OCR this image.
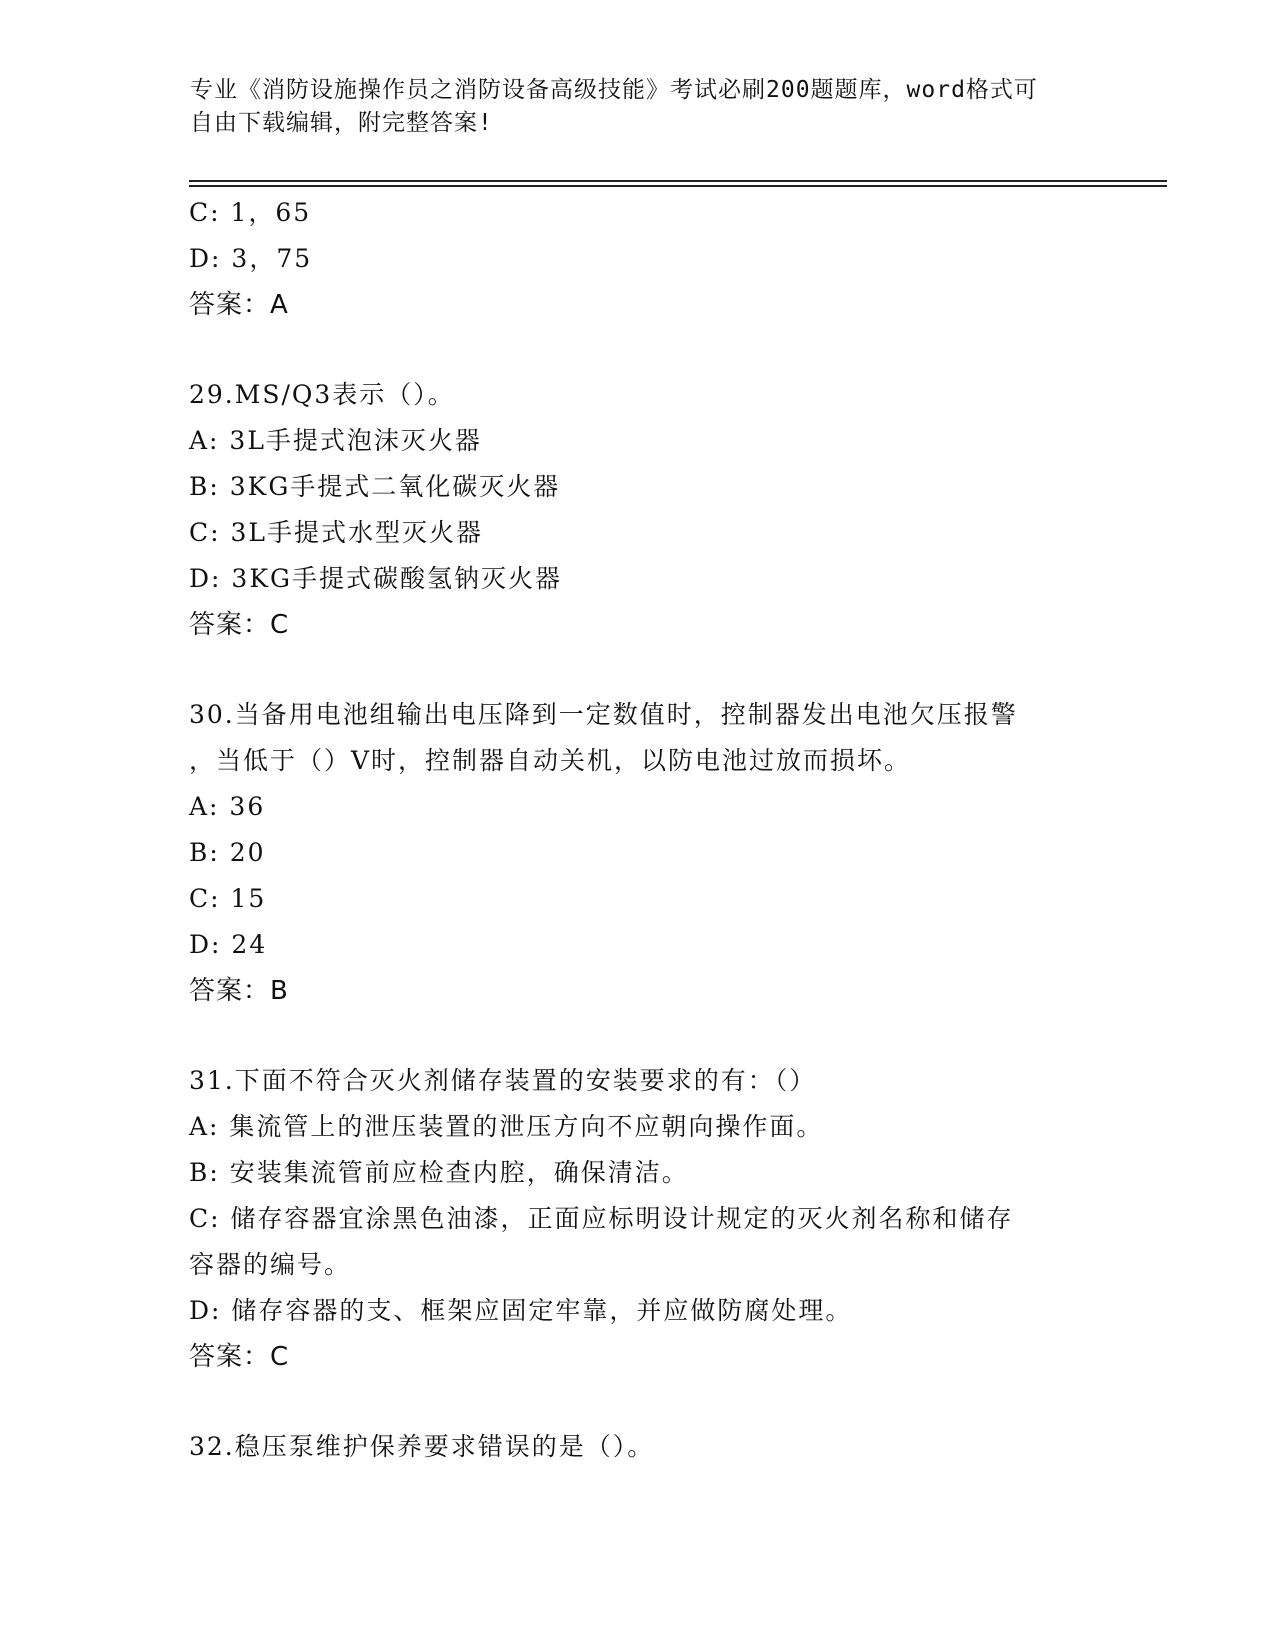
专业《消防设施操作员之消防设备高级技能》考试必刷200题题库，word格式可
自由下载编辑，附完整答案!
C: 1，65
D: 3，75
答案：A
29.MS/Q3表示（）。
A: 3L手提式泡沫灭火器
B: 3KG手提式二氧化碳灭火器
C: 3L手提式水型灭火器
D: 3KG手提式碳酸氢钠灭火器
答案：C
30.当备用电池组输出电压降到一定数值时，控制器发出电池欠压报警
，当低于（）V时，控制器自动关机，以防电池过放而损坏。
A: 36
B: 20
C: 15
D: 24
答案：B
31.下面不符合灭火剂储存装置的安装要求的有：（）
A: 集流管上的泄压装置的泄压方向不应朝向操作面。
B: 安装集流管前应检查内腔，确保清洁。
C: 储存容器宜涂黑色油漆，正面应标明设计规定的灭火剂名称和储存
容器的编号。
D: 储存容器的支、框架应固定牢靠，并应做防腐处理。
答案：C
32.稳压泵维护保养要求错误的是（）。
